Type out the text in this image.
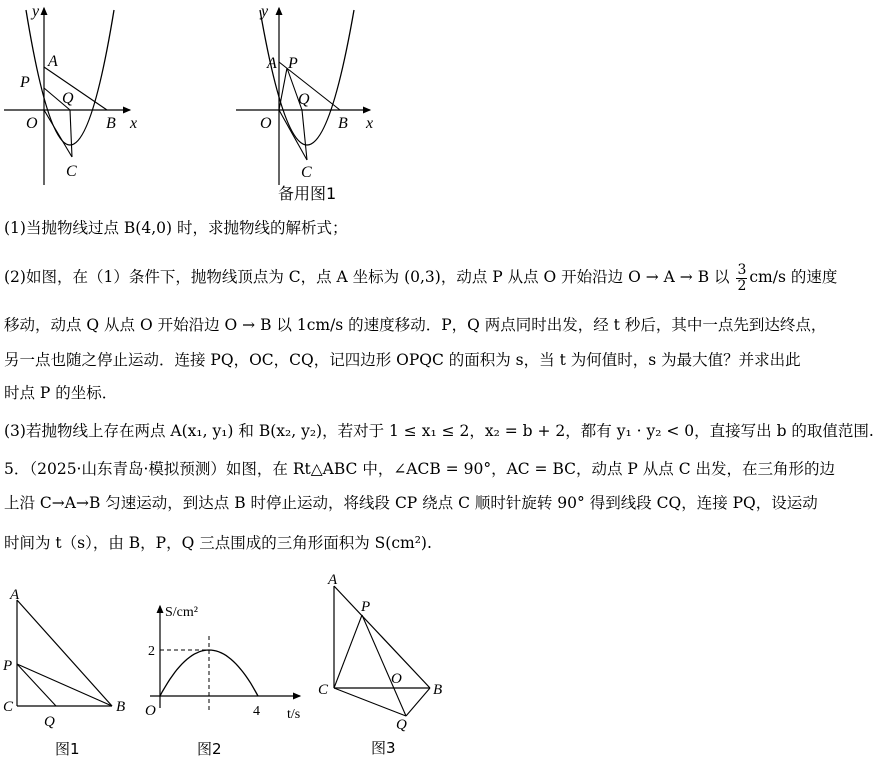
y
x
A
P
Q
O	B
C
y
x
A P
Q
O	B
C
备用图1

(1)当抛物线过点 B(4,0) 时，求抛物线的解析式；

(2)如图，在（1）条件下，抛物线顶点为 C，点 A 坐标为 (0,3)，动点 P 从点 O 开始沿边 O → A → B 以 $\frac{3}{2} cm/s$ 的速度

移动，动点 Q 从点 O 开始沿边 O → B 以 1cm/s 的速度移动．P，Q 两点同时出发，经 t 秒后，其中一点先到达终点，

另一点也随之停止运动．连接 PQ，OC，CQ，记四边形 OPQC 的面积为 s，当 t 为何值时，s 为最大值？并求出此

时点 P 的坐标．

(3)若抛物线上存在两点 A(x₁, y₁) 和 B(x₂, y₂)，若对于 1 ≤ x₁ ≤ 2，x₂ = b + 2，都有 y₁ · y₂ < 0，直接写出 b 的取值范围.

5．（2025·山东青岛·模拟预测）如图，在 Rt△ABC 中，∠ACB = 90°，AC = BC，动点 P 从点 C 出发，在三角形的边

上沿 C→A→B 匀速运动，到达点 B 时停止运动，将线段 CP 绕点 C 顺时针旋转 90° 得到线段 CQ，连接 PQ，设运动

时间为 t（s），由 B，P，Q 三点围成的三角形面积为 S(cm²).

A
P
C
Q
B
图1
S/cm²
t/s
2
4
O
图2
A
P
C
O
B
Q
图3
